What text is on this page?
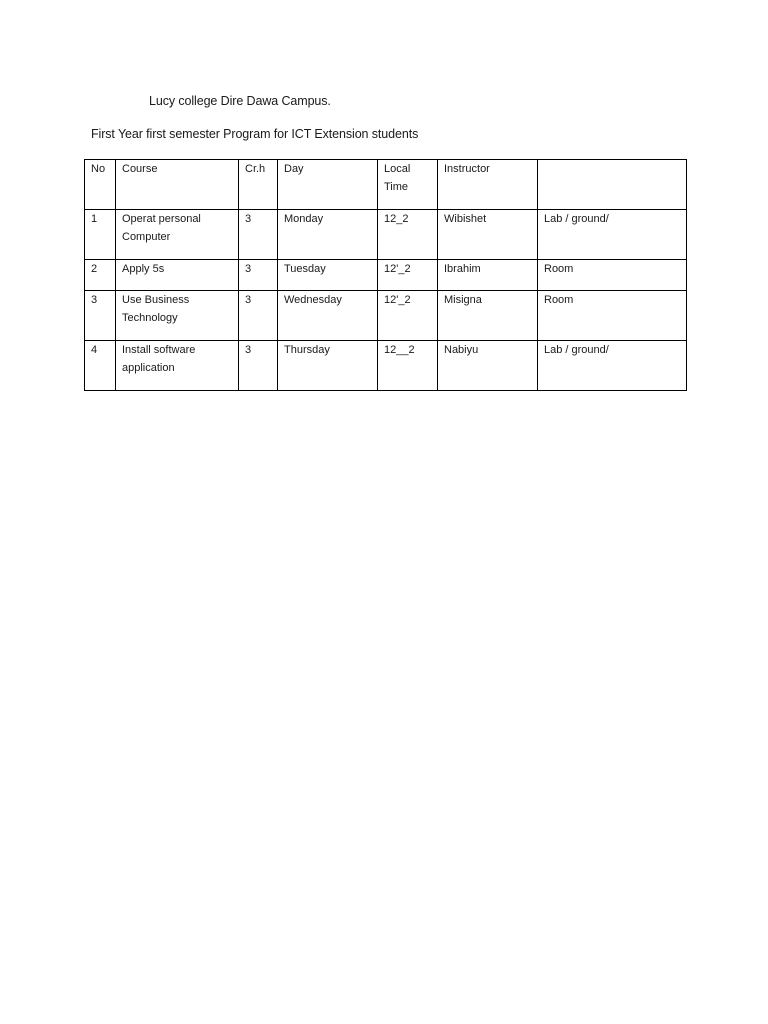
Lucy college Dire Dawa Campus.
First Year first semester Program for ICT Extension students
No	Course	Cr.h	Day	Local Time	Instructor	
1	Operat personal Computer	3	Monday	12_2	Wibishet	Lab / ground/
2	Apply 5s	3	Tuesday	12'_2	Ibrahim	Room
3	Use Business Technology	3	Wednesday	12'_2	Misigna	Room
4	Install software application	3	Thursday	12__2	Nabiyu	Lab / ground/
